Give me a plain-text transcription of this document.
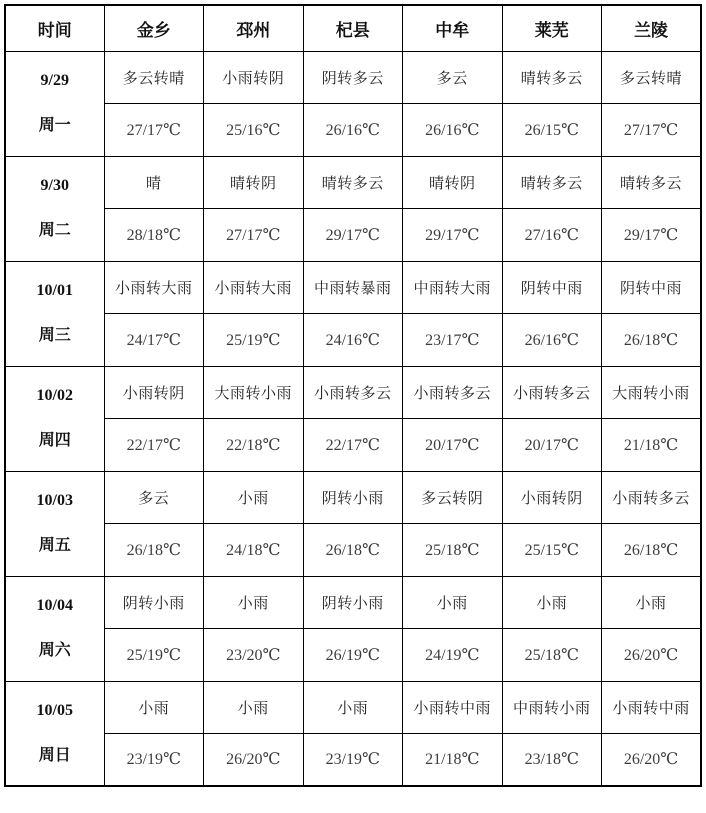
时间	金乡	邳州	杞县	中牟	莱芜	兰陵

9/29
周一	多云转晴	小雨转阴	阴转多云	多云	晴转多云	多云转晴
	27/17℃	25/16℃	26/16℃	26/16℃	26/15℃	27/17℃

9/30
周二	晴	晴转阴	晴转多云	晴转阴	晴转多云	晴转多云
	28/18℃	27/17℃	29/17℃	29/17℃	27/16℃	29/17℃

10/01
周三	小雨转大雨	小雨转大雨	中雨转暴雨	中雨转大雨	阴转中雨	阴转中雨
	24/17℃	25/19℃	24/16℃	23/17℃	26/16℃	26/18℃

10/02
周四	小雨转阴	大雨转小雨	小雨转多云	小雨转多云	小雨转多云	大雨转小雨
	22/17℃	22/18℃	22/17℃	20/17℃	20/17℃	21/18℃

10/03
周五	多云	小雨	阴转小雨	多云转阴	小雨转阴	小雨转多云
	26/18℃	24/18℃	26/18℃	25/18℃	25/15℃	26/18℃

10/04
周六	阴转小雨	小雨	阴转小雨	小雨	小雨	小雨
	25/19℃	23/20℃	26/19℃	24/19℃	25/18℃	26/20℃

10/05
周日	小雨	小雨	小雨	小雨转中雨	中雨转小雨	小雨转中雨
	23/19℃	26/20℃	23/19℃	21/18℃	23/18℃	26/20℃
